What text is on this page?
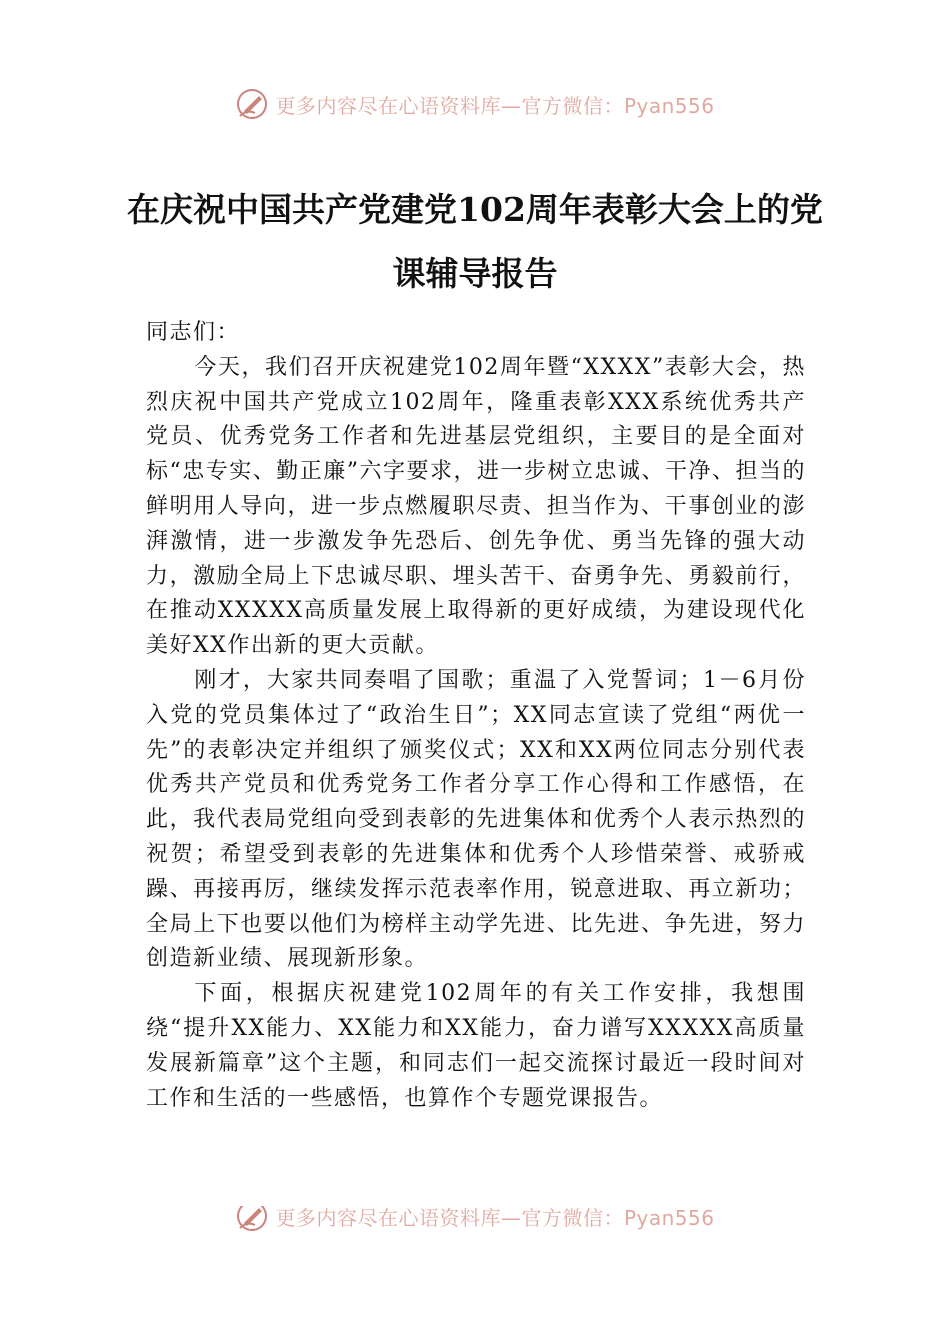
更多内容尽在心语资料库—官方微信：Pyan556
在庆祝中国共产党建党102周年表彰大会上的党课辅导报告

同志们：

今天，我们召开庆祝建党102周年暨“XXXX”表彰大会，热烈庆祝中国共产党成立102周年，隆重表彰XXX系统优秀共产党员、优秀党务工作者和先进基层党组织，主要目的是全面对标“忠专实、勤正廉”六字要求，进一步树立忠诚、干净、担当的鲜明用人导向，进一步点燃履职尽责、担当作为、干事创业的澎湃激情，进一步激发争先恐后、创先争优、勇当先锋的强大动力，激励全局上下忠诚尽职、埋头苦干、奋勇争先、勇毅前行，在推动XXXXX高质量发展上取得新的更好成绩，为建设现代化美好XX作出新的更大贡献。

刚才，大家共同奏唱了国歌；重温了入党誓词；1－6月份入党的党员集体过了“政治生日”；XX同志宣读了党组“两优一先”的表彰决定并组织了颁奖仪式；XX和XX两位同志分别代表优秀共产党员和优秀党务工作者分享工作心得和工作感悟，在此，我代表局党组向受到表彰的先进集体和优秀个人表示热烈的祝贺；希望受到表彰的先进集体和优秀个人珍惜荣誉、戒骄戒躁、再接再厉，继续发挥示范表率作用，锐意进取、再立新功；全局上下也要以他们为榜样主动学先进、比先进、争先进，努力创造新业绩、展现新形象。

下面，根据庆祝建党102周年的有关工作安排，我想围绕“提升XX能力、XX能力和XX能力，奋力谱写XXXXX高质量发展新篇章”这个主题，和同志们一起交流探讨最近一段时间对工作和生活的一些感悟，也算作个专题党课报告。

更多内容尽在心语资料库—官方微信：Pyan556
